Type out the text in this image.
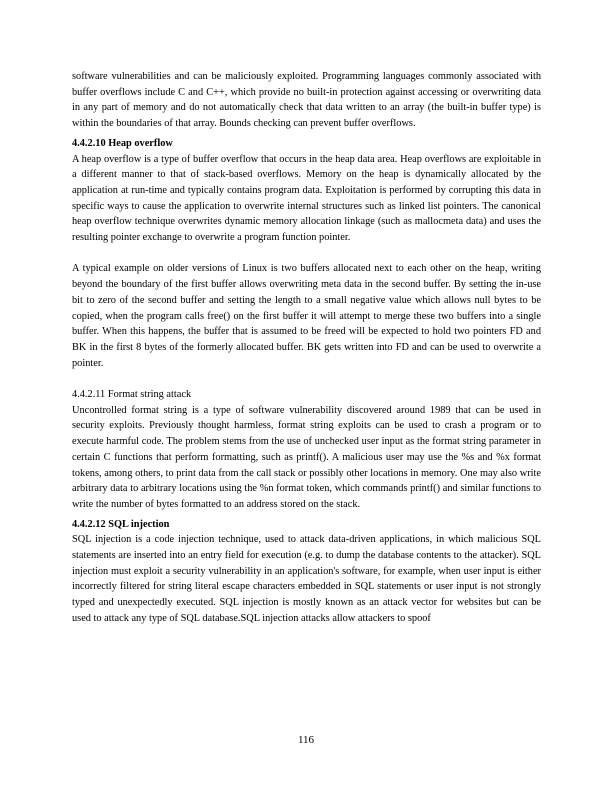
software vulnerabilities and can be maliciously exploited. Programming languages commonly associated with buffer overflows include C and C++, which provide no built-in protection against accessing or overwriting data in any part of memory and do not automatically check that data written to an array (the built-in buffer type) is within the boundaries of that array. Bounds checking can prevent buffer overflows.

4.4.2.10 Heap overflow

A heap overflow is a type of buffer overflow that occurs in the heap data area. Heap overflows are exploitable in a different manner to that of stack-based overflows. Memory on the heap is dynamically allocated by the application at run-time and typically contains program data. Exploitation is performed by corrupting this data in specific ways to cause the application to overwrite internal structures such as linked list pointers. The canonical heap overflow technique overwrites dynamic memory allocation linkage (such as mallocmeta data) and uses the resulting pointer exchange to overwrite a program function pointer.

A typical example on older versions of Linux is two buffers allocated next to each other on the heap, writing beyond the boundary of the first buffer allows overwriting meta data in the second buffer. By setting the in-use bit to zero of the second buffer and setting the length to a small negative value which allows null bytes to be copied, when the program calls free() on the first buffer it will attempt to merge these two buffers into a single buffer. When this happens, the buffer that is assumed to be freed will be expected to hold two pointers FD and BK in the first 8 bytes of the formerly allocated buffer. BK gets written into FD and can be used to overwrite a pointer.

4.4.2.11 Format string attack

Uncontrolled format string is a type of software vulnerability discovered around 1989 that can be used in security exploits. Previously thought harmless, format string exploits can be used to crash a program or to execute harmful code. The problem stems from the use of unchecked user input as the format string parameter in certain C functions that perform formatting, such as printf(). A malicious user may use the %s and %x format tokens, among others, to print data from the call stack or possibly other locations in memory. One may also write arbitrary data to arbitrary locations using the %n format token, which commands printf() and similar functions to write the number of bytes formatted to an address stored on the stack.

4.4.2.12 SQL injection

SQL injection is a code injection technique, used to attack data-driven applications, in which malicious SQL statements are inserted into an entry field for execution (e.g. to dump the database contents to the attacker). SQL injection must exploit a security vulnerability in an application's software, for example, when user input is either incorrectly filtered for string literal escape characters embedded in SQL statements or user input is not strongly typed and unexpectedly executed. SQL injection is mostly known as an attack vector for websites but can be used to attack any type of SQL database.SQL injection attacks allow attackers to spoof

116
